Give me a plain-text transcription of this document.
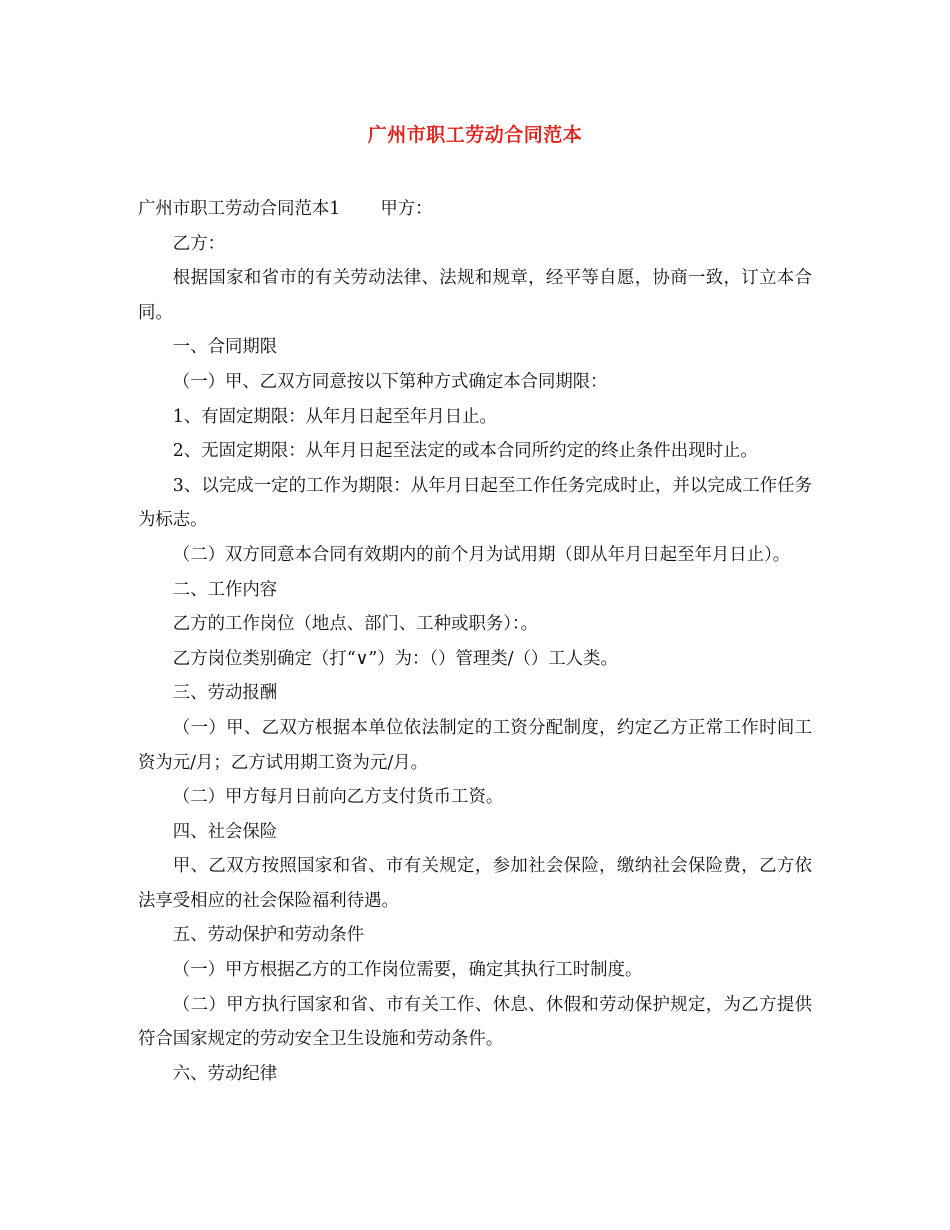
广州市职工劳动合同范本

广州市职工劳动合同范本1 甲方：

乙方：

根据国家和省市的有关劳动法律、法规和规章，经平等自愿，协商一致，订立本合同。

一、合同期限

（一）甲、乙双方同意按以下第种方式确定本合同期限：

1、有固定期限：从年月日起至年月日止。

2、无固定期限：从年月日起至法定的或本合同所约定的终止条件出现时止。

3、以完成一定的工作为期限：从年月日起至工作任务完成时止，并以完成工作任务为标志。

（二）双方同意本合同有效期内的前个月为试用期（即从年月日起至年月日止）。

二、工作内容

乙方的工作岗位（地点、部门、工种或职务）：。

乙方岗位类别确定（打“∨”）为：（）管理类/（）工人类。

三、劳动报酬

（一）甲、乙双方根据本单位依法制定的工资分配制度，约定乙方正常工作时间工资为元/月；乙方试用期工资为元/月。

（二）甲方每月日前向乙方支付货币工资。

四、社会保险

甲、乙双方按照国家和省、市有关规定，参加社会保险，缴纳社会保险费，乙方依法享受相应的社会保险福利待遇。

五、劳动保护和劳动条件

（一）甲方根据乙方的工作岗位需要，确定其执行工时制度。

（二）甲方执行国家和省、市有关工作、休息、休假和劳动保护规定，为乙方提供符合国家规定的劳动安全卫生设施和劳动条件。

六、劳动纪律
